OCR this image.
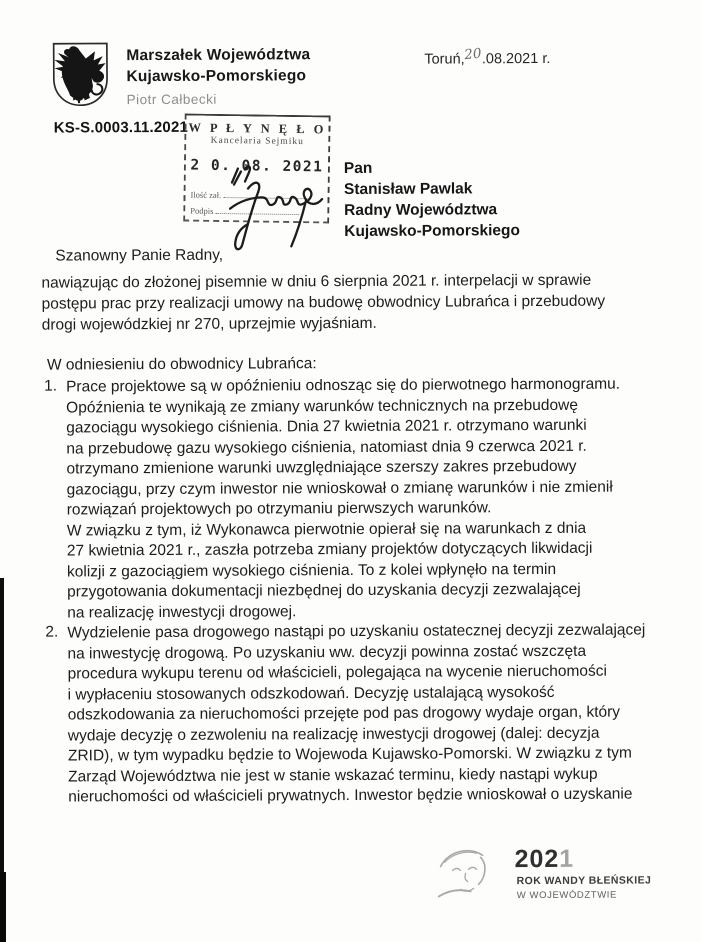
Marszałek Województwa
Kujawsko-Pomorskiego
Piotr Całbecki
Toruń,20.08.2021 r.
KS-S.0003.11.2021 W P Ł Y N Ę Ł O
Kancelaria Sejmiku
2 0. 08. 2021
Ilość zał.
Podpis
Pan
Stanisław Pawlak
Radny Województwa
Kujawsko-Pomorskiego
Szanowny Panie Radny,
nawiązując do złożonej pisemnie w dniu 6 sierpnia 2021 r. interpelacji w sprawie
postępu prac przy realizacji umowy na budowę obwodnicy Lubrańca i przebudowy
drogi wojewódzkiej nr 270, uprzejmie wyjaśniam.
W odniesieniu do obwodnicy Lubrańca:
1. Prace projektowe są w opóźnieniu odnosząc się do pierwotnego harmonogramu.
Opóźnienia te wynikają ze zmiany warunków technicznych na przebudowę
gazociągu wysokiego ciśnienia. Dnia 27 kwietnia 2021 r. otrzymano warunki
na przebudowę gazu wysokiego ciśnienia, natomiast dnia 9 czerwca 2021 r.
otrzymano zmienione warunki uwzględniające szerszy zakres przebudowy
gazociągu, przy czym inwestor nie wnioskował o zmianę warunków i nie zmienił
rozwiązań projektowych po otrzymaniu pierwszych warunków.
W związku z tym, iż Wykonawca pierwotnie opierał się na warunkach z dnia
27 kwietnia 2021 r., zaszła potrzeba zmiany projektów dotyczących likwidacji
kolizji z gazociągiem wysokiego ciśnienia. To z kolei wpłynęło na termin
przygotowania dokumentacji niezbędnej do uzyskania decyzji zezwalającej
na realizację inwestycji drogowej.
2. Wydzielenie pasa drogowego nastąpi po uzyskaniu ostatecznej decyzji zezwalającej
na inwestycję drogową. Po uzyskaniu ww. decyzji powinna zostać wszczęta
procedura wykupu terenu od właścicieli, polegająca na wycenie nieruchomości
i wypłaceniu stosowanych odszkodowań. Decyzję ustalającą wysokość
odszkodowania za nieruchomości przejęte pod pas drogowy wydaje organ, który
wydaje decyzję o zezwoleniu na realizację inwestycji drogowej (dalej: decyzja
ZRID), w tym wypadku będzie to Wojewoda Kujawsko-Pomorski. W związku z tym
Zarząd Województwa nie jest w stanie wskazać terminu, kiedy nastąpi wykup
nieruchomości od właścicieli prywatnych. Inwestor będzie wnioskował o uzyskanie
2021
ROK WANDY BŁEŃSKIEJ
W WOJEWÓDZTWIE
